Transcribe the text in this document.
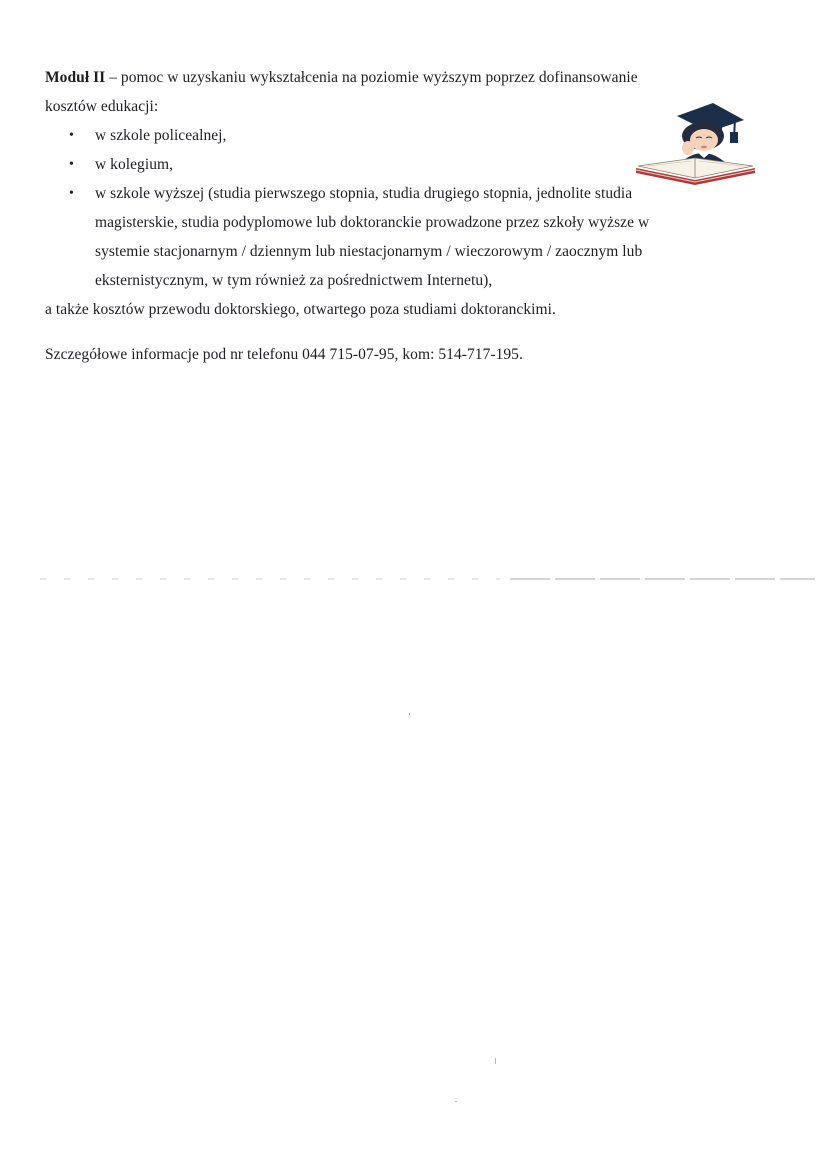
Moduł II – pomoc w uzyskaniu wykształcenia na poziomie wyższym poprzez dofinansowanie kosztów edukacji:

• w szkole policealnej,
• w kolegium,
• w szkole wyższej (studia pierwszego stopnia, studia drugiego stopnia, jednolite studia magisterskie, studia podyplomowe lub doktoranckie prowadzone przez szkoły wyższe w systemie stacjonarnym / dziennym lub niestacjonarnym / wieczorowym / zaocznym lub eksternistycznym, w tym również za pośrednictwem Internetu),

a także kosztów przewodu doktorskiego, otwartego poza studiami doktoranckimi.

Szczegółowe informacje pod nr telefonu 044 715-07-95, kom: 514-717-195.
